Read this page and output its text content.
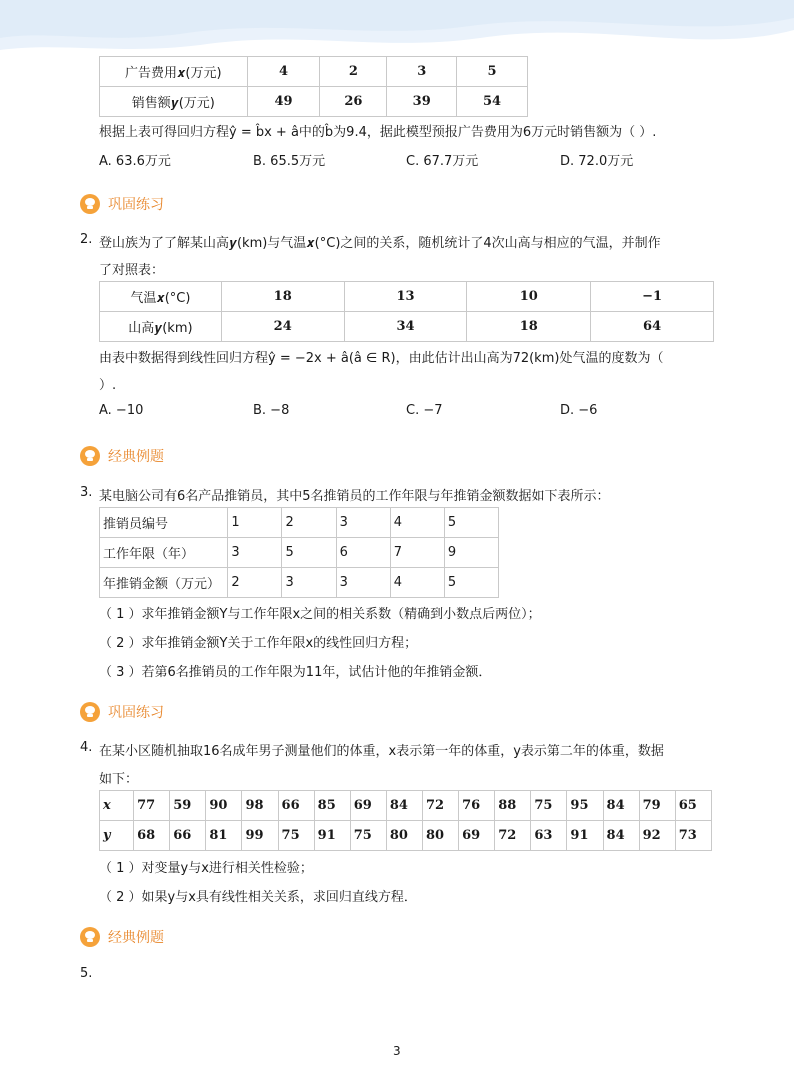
广告费用𝒙(万元)	4	2	3	5
销售额𝒚(万元)	49	26	39	54
根据上表可得回归方程ŷ = b̂x + â中的b̂为9.4，据此模型预报广告费用为6万元时销售额为（ ）.
A. 63.6万元	B. 65.5万元	C. 67.7万元	D. 72.0万元
巩固练习
2. 登山族为了了解某山高𝒚(km)与气温𝒙(°C)之间的关系，随机统计了4次山高与相应的气温，并制作
了对照表：
气温𝒙(°C)	18	13	10	−1
山高𝒚(km)	24	34	18	64
由表中数据得到线性回归方程ŷ = −2x + â(â ∈ R)，由此估计出山高为72(km)处气温的度数为（
）.
A. −10	B. −8	C. −7	D. −6
经典例题
3. 某电脑公司有6名产品推销员，其中5名推销员的工作年限与年推销金额数据如下表所示：
推销员编号	1	2	3	4	5
工作年限（年）	3	5	6	7	9
年推销金额（万元）	2	3	3	4	5
（ 1 ）求年推销金额Y与工作年限x之间的相关系数（精确到小数点后两位）；
（ 2 ）求年推销金额Y关于工作年限x的线性回归方程；
（ 3 ）若第6名推销员的工作年限为11年，试估计他的年推销金额．
巩固练习
4. 在某小区随机抽取16名成年男子测量他们的体重，x表示第一年的体重，y表示第二年的体重，数据
如下：
x	77	59	90	98	66	85	69	84	72	76	88	75	95	84	79	65
y	68	66	81	99	75	91	75	80	80	69	72	63	91	84	92	73
（ 1 ）对变量y与x进行相关性检验；
（ 2 ）如果y与x具有线性相关关系，求回归直线方程．
经典例题
5.
3
